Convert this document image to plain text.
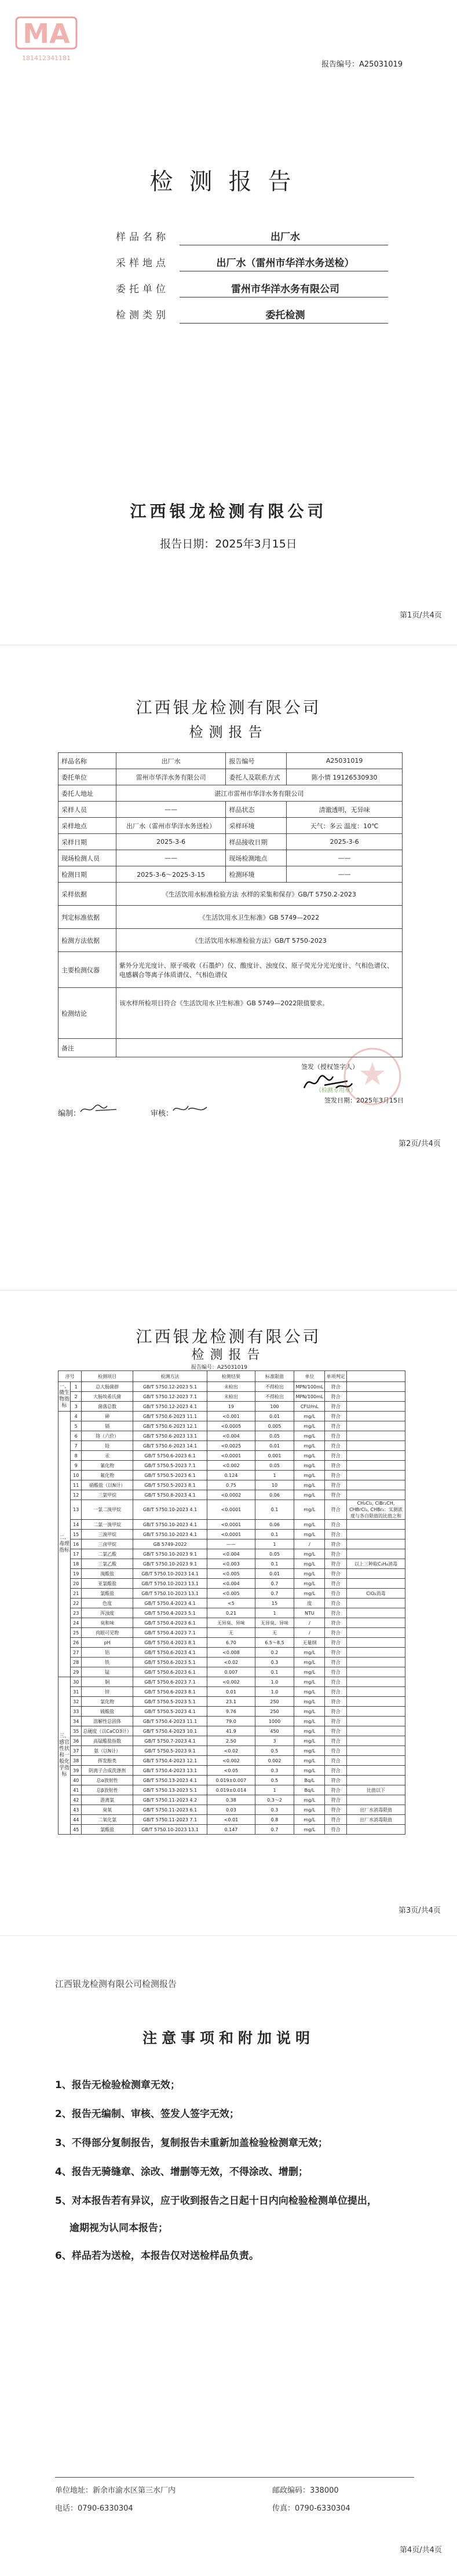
报告编号：A25031019
MA
181412341181
检测报告
样品名称	出厂水
采样地点	出厂水（雷州市华洋水务送检）
委托单位	雷州市华洋水务有限公司
检测类别	委托检测
江西银龙检测有限公司
报告日期：2025年3月15日
第1页/共4页
江西银龙检测有限公司
检测报告
样品名称	出厂水	报告编号	A25031019
委托单位	雷州市华洋水务有限公司	委托人及联系方式	陈小情 19126530930
委托人地址	湛江市雷州市华洋水务有限公司		
采样人员	——	样品状态	清澈透明，无异味
采样地点	出厂水（雷州市华洋水务送检）	采样环境	天气：多云 温度：10℃
采样日期	2025-3-6	样品接收日期	2025-3-6
现场检测人员	——	现场检测地点	——
检测日期	2025-3-6～2025-3-15	检测环境	——
采样依据	《生活饮用水标准检验方法 水样的采集和保存》GB/T 5750.2-2023		
判定标准依据	《生活饮用水卫生标准》GB 5749—2022		
检测方法依据	《生活饮用水标准检验方法》GB/T 5750-2023		
主要检测仪器	紫外分光光度计、原子吸收（石墨炉）仪、酸度计、浊度仪、原子荧光分光光度计、气相色谱仪、电感耦合等离子体质谱仪、气相色谱仪		
检测结论	该水样所检项目符合《生活饮用水卫生标准》GB 5749—2022限值要求。		
备注			
签发（授权签字人）
（检测专用章）
签发日期：2025年3月15日
编制：	审核：
第2页/共4页
江西银龙检测有限公司
检测报告
报告编号：A25031019
序号		检测项目	检测方法	检测结果	标准限值	单位	单项判定	
一、微生物指标	1	总大肠菌群	GB/T 5750.12-2023 5.1	未检出	不得检出	MPN/100mL	符合	
	2	大肠埃希氏菌	GB/T 5750.12-2023 7.1	未检出	不得检出	MPN/100mL	符合	
	3	菌落总数	GB/T 5750.12-2023 4.1	19	100	CFU/mL	符合	
二、毒理指标	4	砷	GB/T 5750.6-2023 11.1	<0.001	0.01	mg/L	符合	
	5	镉	GB/T 5750.6-2023 12.1	<0.0005	0.005	mg/L	符合	
	6	铬（六价）	GB/T 5750.6-2023 13.1	<0.004	0.05	mg/L	符合	
	7	铅	GB/T 5750.6-2023 14.1	<0.0025	0.01	mg/L	符合	
	8	汞	GB/T 5750.6-2023 6.1	<0.0001	0.001	mg/L	符合	
	9	氰化物	GB/T 5750.5-2023 7.1	<0.002	0.05	mg/L	符合	
	10	氟化物	GB/T 5750.5-2023 6.1	0.124	1	mg/L	符合	
	11	硝酸盐（以N计）	GB/T 5750.5-2023 8.1	0.75	10	mg/L	符合	
	12	三氯甲烷	GB/T 5750.8-2023 4.1	<0.0002	0.06	mg/L	符合	
	13	一氯二溴甲烷	GB/T 5750.10-2023 4.1	<0.0001	0.1	mg/L	符合	CH₂Cl₂, ClBr₂CH, CHBrCl₂, CHBr₃：实测浓度与各自限值的比值之和
	14	二氯一溴甲烷	GB/T 5750.10-2023 4.1	<0.0001	0.06	mg/L	符合	
	15	三溴甲烷	GB/T 5750.10-2023 4.1	<0.0001	0.1	mg/L	符合	
	16	三卤甲烷	GB 5749-2022	——	1	/	符合	
	17	二氯乙酸	GB/T 5750.10-2023 9.1	<0.004	0.05	mg/L	符合	
	18	三氯乙酸	GB/T 5750.10-2023 9.1	<0.003	0.1	mg/L	符合	以上三种取C₃H₄消毒
	19	溴酸盐	GB/T 5750.10-2023 14.1	<0.005	0.01	mg/L	符合	
	20	亚氯酸盐	GB/T 5750.10-2023 13.1	<0.004	0.7	mg/L	符合	
	21	氯酸盐	GB/T 5750.10-2023 13.1	<0.005	0.7	mg/L	符合	ClO₂消毒
	22	色度	GB/T 5750.4-2023 4.1	<5	15	度	符合	
	23	浑浊度	GB/T 5750.4-2023 5.1	0.21	1	NTU	符合	
	24	臭和味	GB/T 5750.4-2023 6.1	无异臭、异味	无异臭、异味	/	符合	
	25	肉眼可见物	GB/T 5750.4-2023 7.1	无	无	/	符合	
	26	pH	GB/T 5750.4-2023 8.1	6.70	6.5～8.5	无量纲	符合	
	27	铝	GB/T 5750.6-2023 4.1	<0.008	0.2	mg/L	符合	
	28	铁	GB/T 5750.6-2023 5.1	<0.02	0.3	mg/L	符合	
	29	锰	GB/T 5750.6-2023 6.1	0.007	0.1	mg/L	符合	
三、感官性状和一般化学指标	30	铜	GB/T 5750.6-2023 7.1	<0.002	1.0	mg/L	符合	
	31	锌	GB/T 5750.6-2023 8.1	0.01	1.0	mg/L	符合	
	32	氯化物	GB/T 5750.5-2023 5.1	23.1	250	mg/L	符合	
	33	硫酸盐	GB/T 5750.5-2023 4.1	9.76	250	mg/L	符合	
	34	溶解性总固体	GB/T 5750.4-2023 11.1	79.0	1000	mg/L	符合	
	35	总硬度（以CaCO3计）	GB/T 5750.4-2023 10.1	41.9	450	mg/L	符合	
	36	高锰酸盐指数	GB/T 5750.7-2023 4.1	2.50	3	mg/L	符合	
	37	氨（以N计）	GB/T 5750.5-2023 9.1	<0.02	0.5	mg/L	符合	
	38	挥发酚类	GB/T 5750.4-2023 12.1	<0.002	0.002	mg/L	符合	
	39	阴离子合成洗涤剂	GB/T 5750.4-2023 13.1	<0.05	0.3	mg/L	符合	
	40	总α放射性	GB/T 5750.13-2023 4.1	0.019±0.007	0.5	Bq/L	符合	
	41	总β放射性	GB/T 5750.13-2023 5.1	0.019±0.014	1	Bq/L	符合	比值以下
	42	游离氯	GB/T 5750.11-2023 4.2	0.38	0.3～2	mg/L	符合	
	43	臭氧	GB/T 5750.11-2023 6.1	0.03	0.3	mg/L	符合	出厂水消毒限值
	44	二氧化氯	GB/T 5750.11-2023 7.1	<0.01	0.8	mg/L	符合	出厂水消毒限值
	45	氯酸盐	GB/T 5750.10-2023 13.1	0.147	0.7	mg/L	符合	
第3页/共4页
江西银龙检测有限公司检测报告
注意事项和附加说明
1、报告无检验检测章无效；
2、报告无编制、审核、签发人签字无效；
3、不得部分复制报告，复制报告未重新加盖检验检测章无效；
4、报告无骑缝章、涂改、增删等无效，不得涂改、增删；
5、对本报告若有异议，应于收到报告之日起十日内向检验检测单位提出，
逾期视为认同本报告；
6、样品若为送检，本报告仅对送检样品负责。
单位地址：新余市渝水区第三水厂内	邮政编码：338000
电话：0790-6330304	传真：0790-6330304
第4页/共4页
